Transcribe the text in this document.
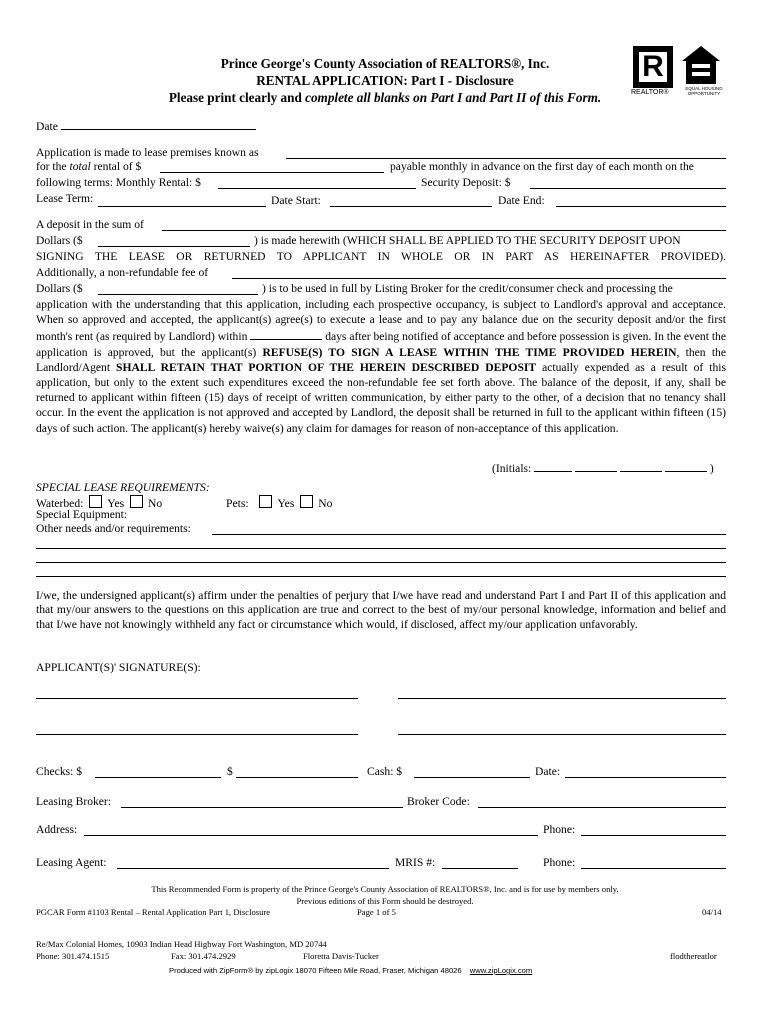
Prince George's County Association of REALTORS®, Inc.
RENTAL APPLICATION: Part I - Disclosure
Please print clearly and complete all blanks on Part I and Part II of this Form.
R
REALTOR®
EQUAL HOUSING OPPORTUNITY
Date
Application is made to lease premises known as
for the total rental of $	payable monthly in advance on the first day of each month on the
following terms: Monthly Rental: $	Security Deposit: $
Lease Term:	Date Start:	Date End:
A deposit in the sum of
Dollars ($	) is made herewith (WHICH SHALL BE APPLIED TO THE SECURITY DEPOSIT UPON
SIGNING THE LEASE OR RETURNED TO APPLICANT IN WHOLE OR IN PART AS HEREINAFTER PROVIDED).
Additionally, a non-refundable fee of
Dollars ($	) is to be used in full by Listing Broker for the credit/consumer check and processing the
application with the understanding that this application, including each prospective occupancy, is subject to Landlord's approval and acceptance. When so approved and accepted, the applicant(s) agree(s) to execute a lease and to pay any balance due on the security deposit and/or the first month's rent (as required by Landlord) within	days after being notified of acceptance and before possession is given. In the event the application is approved, but the applicant(s) REFUSE(S) TO SIGN A LEASE WITHIN THE TIME PROVIDED HEREIN, then the Landlord/Agent SHALL RETAIN THAT PORTION OF THE HEREIN DESCRIBED DEPOSIT actually expended as a result of this application, but only to the extent such expenditures exceed the non-refundable fee set forth above. The balance of the deposit, if any, shall be returned to applicant within fifteen (15) days of receipt of written communication, by either party to the other, of a decision that no tenancy shall occur. In the event the application is not approved and accepted by Landlord, the deposit shall be returned in full to the applicant within fifteen (15) days of such action. The applicant(s) hereby waive(s) any claim for damages for reason of non-acceptance of this application.
(Initials:	)
SPECIAL LEASE REQUIREMENTS:
Waterbed: Yes No	Pets: Yes No
Special Equipment:
Other needs and/or requirements:
I/we, the undersigned applicant(s) affirm under the penalties of perjury that I/we have read and understand Part I and Part II of this application and that my/our answers to the questions on this application are true and correct to the best of my/our personal knowledge, information and belief and that I/we have not knowingly withheld any fact or circumstance which would, if disclosed, affect my/our application unfavorably.
APPLICANT(S)' SIGNATURE(S):
Checks: $	$	Cash: $	Date:
Leasing Broker:	Broker Code:
Address:	Phone:
Leasing Agent:	MRIS #:	Phone:
This Recommended Form is property of the Prince George's County Association of REALTORS®, Inc. and is for use by members only.
Previous editions of this Form should be destroyed.
PGCAR Form #1103 Rental – Rental Application Part 1, Disclosure	Page 1 of 5	04/14
Re/Max Colonial Homes, 10903 Indian Head Highway Fort Washington, MD 20744
Phone: 301.474.1515	Fax: 301.474.2929	Floretta Davis-Tucker	flodthereatlor
Produced with ZipForm® by zipLogix 18070 Fifteen Mile Road, Fraser, Michigan 48026 www.zipLogix.com
